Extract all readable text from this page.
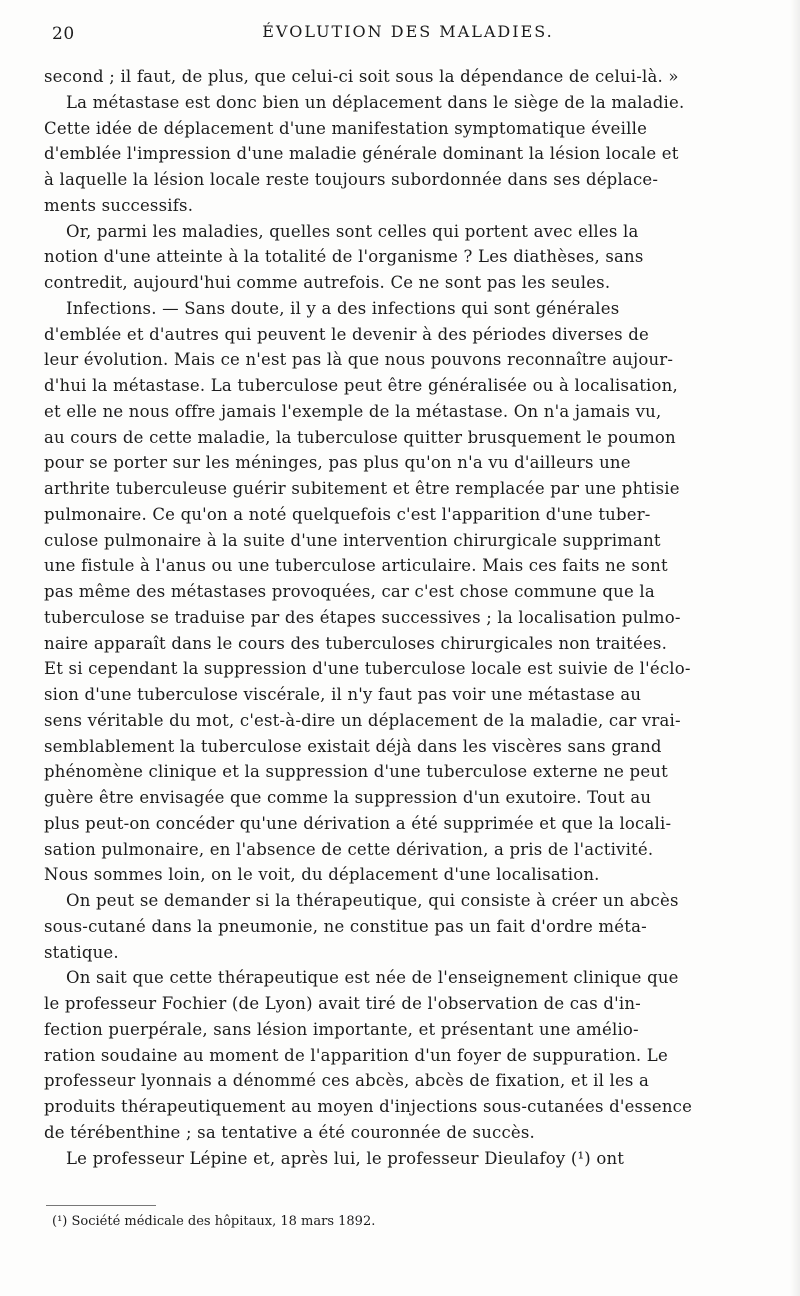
20	ÉVOLUTION DES MALADIES.
second ; il faut, de plus, que celui-ci soit sous la dépendance de celui-là. »
La métastase est donc bien un déplacement dans le siège de la maladie.
Cette idée de déplacement d'une manifestation symptomatique éveille
d'emblée l'impression d'une maladie générale dominant la lésion locale et
à laquelle la lésion locale reste toujours subordonnée dans ses déplace-
ments successifs.
Or, parmi les maladies, quelles sont celles qui portent avec elles la
notion d'une atteinte à la totalité de l'organisme ? Les diathèses, sans
contredit, aujourd'hui comme autrefois. Ce ne sont pas les seules.
Infections. — Sans doute, il y a des infections qui sont générales
d'emblée et d'autres qui peuvent le devenir à des périodes diverses de
leur évolution. Mais ce n'est pas là que nous pouvons reconnaître aujour-
d'hui la métastase. La tuberculose peut être généralisée ou à localisation,
et elle ne nous offre jamais l'exemple de la métastase. On n'a jamais vu,
au cours de cette maladie, la tuberculose quitter brusquement le poumon
pour se porter sur les méninges, pas plus qu'on n'a vu d'ailleurs une
arthrite tuberculeuse guérir subitement et être remplacée par une phtisie
pulmonaire. Ce qu'on a noté quelquefois c'est l'apparition d'une tuber-
culose pulmonaire à la suite d'une intervention chirurgicale supprimant
une fistule à l'anus ou une tuberculose articulaire. Mais ces faits ne sont
pas même des métastases provoquées, car c'est chose commune que la
tuberculose se traduise par des étapes successives ; la localisation pulmo-
naire apparaît dans le cours des tuberculoses chirurgicales non traitées.
Et si cependant la suppression d'une tuberculose locale est suivie de l'éclo-
sion d'une tuberculose viscérale, il n'y faut pas voir une métastase au
sens véritable du mot, c'est-à-dire un déplacement de la maladie, car vrai-
semblablement la tuberculose existait déjà dans les viscères sans grand
phénomène clinique et la suppression d'une tuberculose externe ne peut
guère être envisagée que comme la suppression d'un exutoire. Tout au
plus peut-on concéder qu'une dérivation a été supprimée et que la locali-
sation pulmonaire, en l'absence de cette dérivation, a pris de l'activité.
Nous sommes loin, on le voit, du déplacement d'une localisation.
On peut se demander si la thérapeutique, qui consiste à créer un abcès
sous-cutané dans la pneumonie, ne constitue pas un fait d'ordre méta-
statique.
On sait que cette thérapeutique est née de l'enseignement clinique que
le professeur Fochier (de Lyon) avait tiré de l'observation de cas d'in-
fection puerpérale, sans lésion importante, et présentant une amélio-
ration soudaine au moment de l'apparition d'un foyer de suppuration. Le
professeur lyonnais a dénommé ces abcès, abcès de fixation, et il les a
produits thérapeutiquement au moyen d'injections sous-cutanées d'essence
de térébenthine ; sa tentative a été couronnée de succès.
Le professeur Lépine et, après lui, le professeur Dieulafoy (¹) ont
(¹) Société médicale des hôpitaux, 18 mars 1892.
